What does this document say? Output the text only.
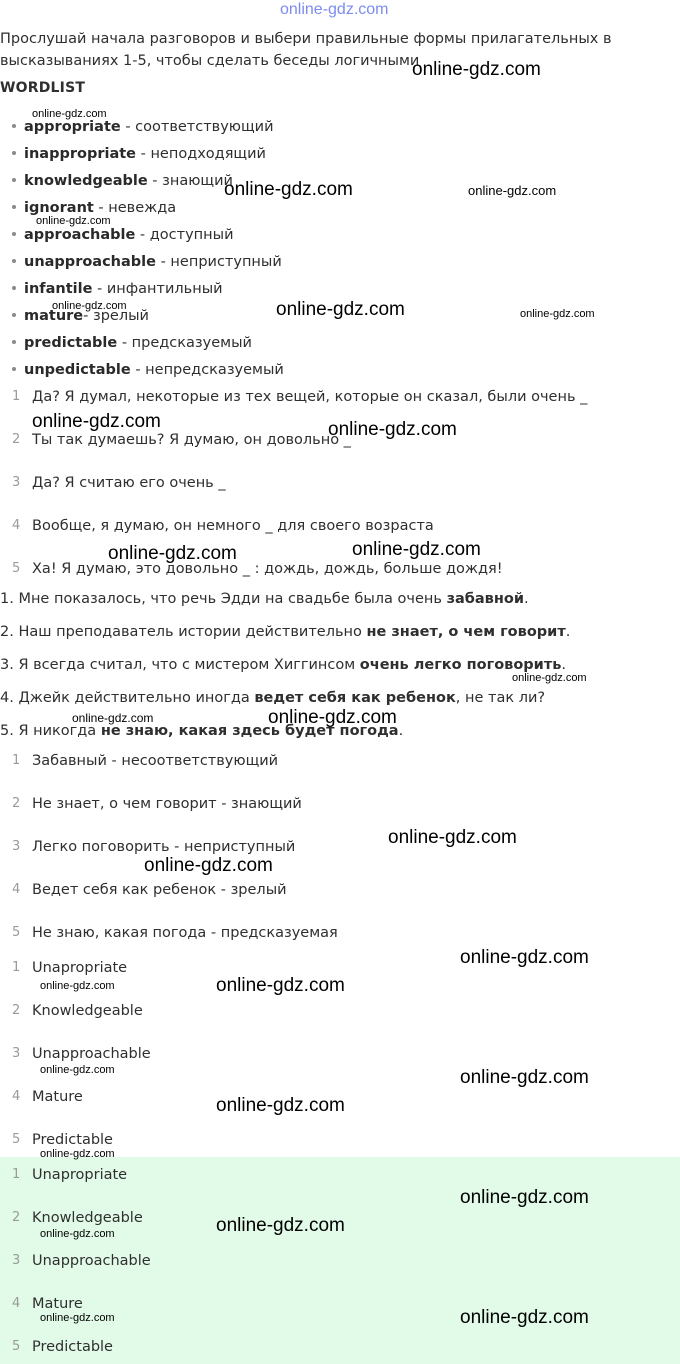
online-gdz.com
Прослушай начала разговоров и выбери правильные формы прилагательных в высказываниях 1-5, чтобы сделать беседы логичными
WORDLIST
appropriate - соответствующий
inappropriate - неподходящий
knowledgeable - знающий
ignorant - невежда
approachable - доступный
unapproachable - неприступный
infantile - инфантильный
mature- зрелый
predictable - предсказуемый
unpedictable - непредсказуемый
1 Да? Я думал, некоторые из тех вещей, которые он сказал, были очень _
2 Ты так думаешь? Я думаю, он довольно _
3 Да? Я считаю его очень _
4 Вообще, я думаю, он немного _ для своего возраста
5 Ха! Я думаю, это довольно _ : дождь, дождь, больше дождя!
1. Мне показалось, что речь Эдди на свадьбе была очень забавной.
2. Наш преподаватель истории действительно не знает, о чем говорит.
3. Я всегда считал, что с мистером Хиггинсом очень легко поговорить.
4. Джейк действительно иногда ведет себя как ребенок, не так ли?
5. Я никогда не знаю, какая здесь будет погода.
1 Забавный - несоответствующий
2 Не знает, о чем говорит - знающий
3 Легко поговорить - неприступный
4 Ведет себя как ребенок - зрелый
5 Не знаю, какая погода - предсказуемая
1 Unapropriate
2 Knowledgeable
3 Unapproachable
4 Mature
5 Predictable
1 Unapropriate
2 Knowledgeable
3 Unapproachable
4 Mature
5 Predictable
online-gdz.com
online-gdz.com
online-gdz.com	online-gdz.com
online-gdz.com
online-gdz.com	online-gdz.com	online-gdz.com
online-gdz.com	online-gdz.com
online-gdz.com	online-gdz.com
online-gdz.com
online-gdz.com	online-gdz.com
online-gdz.com
online-gdz.com
online-gdz.com
online-gdz.com	online-gdz.com
online-gdz.com	online-gdz.com
online-gdz.com
online-gdz.com
online-gdz.com
online-gdz.com
online-gdz.com
online-gdz.com	online-gdz.com
